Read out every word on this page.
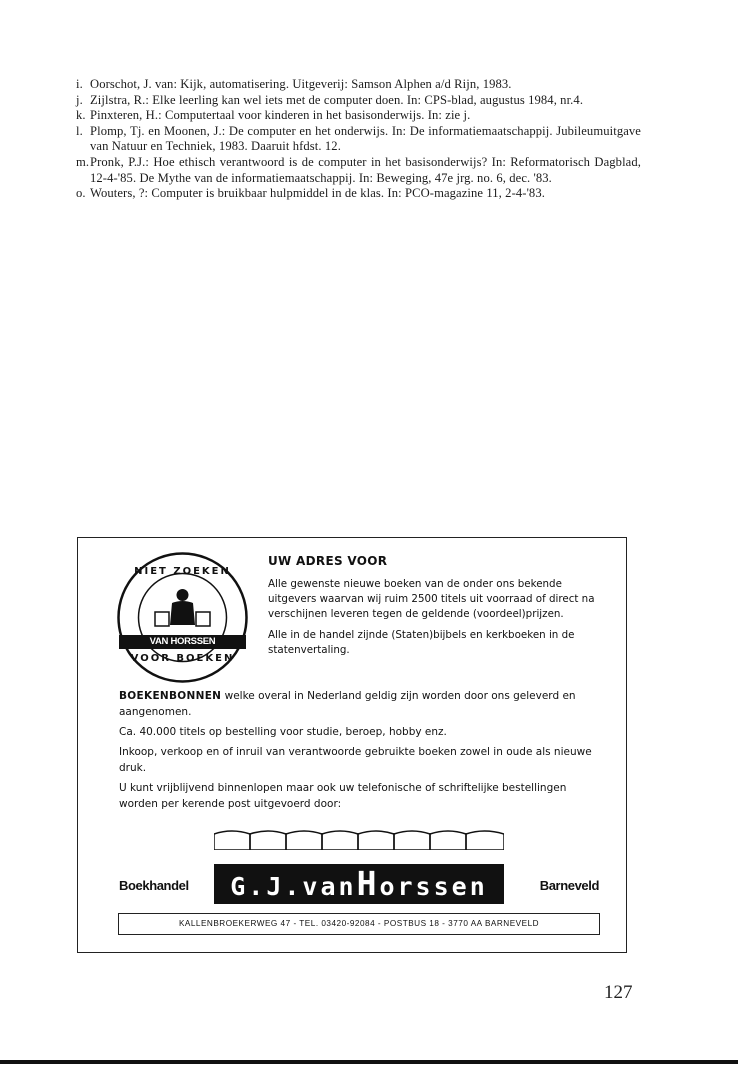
i. Oorschot, J. van: Kijk, automatisering. Uitgeverij: Samson Alphen a/d Rijn, 1983.
j. Zijlstra, R.: Elke leerling kan wel iets met de computer doen. In: CPS-blad, augustus 1984, nr.4.
k. Pinxteren, H.: Computertaal voor kinderen in het basisonderwijs. In: zie j.
l. Plomp, Tj. en Moonen, J.: De computer en het onderwijs. In: De informatiemaatschappij. Jubileumuitgave van Natuur en Techniek, 1983. Daaruit hfdst. 12.
m. Pronk, P.J.: Hoe ethisch verantwoord is de computer in het basisonderwijs? In: Reformatorisch Dagblad, 12-4-'85. De Mythe van de informatiemaatschappij. In: Beweging, 47e jrg. no. 6, dec. '83.
o. Wouters, ?: Computer is bruikbaar hulpmiddel in de klas. In: PCO-magazine 11, 2-4-'83.
NIET ZOEKEN
VAN HORSSEN
VOOR BOEKEN
UW ADRES VOOR

Alle gewenste nieuwe boeken van de onder ons bekende uitgevers waarvan wij ruim 2500 titels uit voorraad of direct na verschijnen leveren tegen de geldende (voordeel)prijzen.

Alle in de handel zijnde (Staten)bijbels en kerkboeken in de statenvertaling.

BOEKENBONNEN welke overal in Nederland geldig zijn worden door ons geleverd en aangenomen.

Ca. 40.000 titels op bestelling voor studie, beroep, hobby enz.

Inkoop, verkoop en of inruil van verantwoorde gebruikte boeken zowel in oude als nieuwe druk.

U kunt vrijblijvend binnenlopen maar ook uw telefonische of schriftelijke bestellingen worden per kerende post uitgevoerd door:

Boekhandel	G.J.vanHorssen	Barneveld
KALLENBROEKERWEG 47 - TEL. 03420-92084 - POSTBUS 18 - 3770 AA BARNEVELD
127
